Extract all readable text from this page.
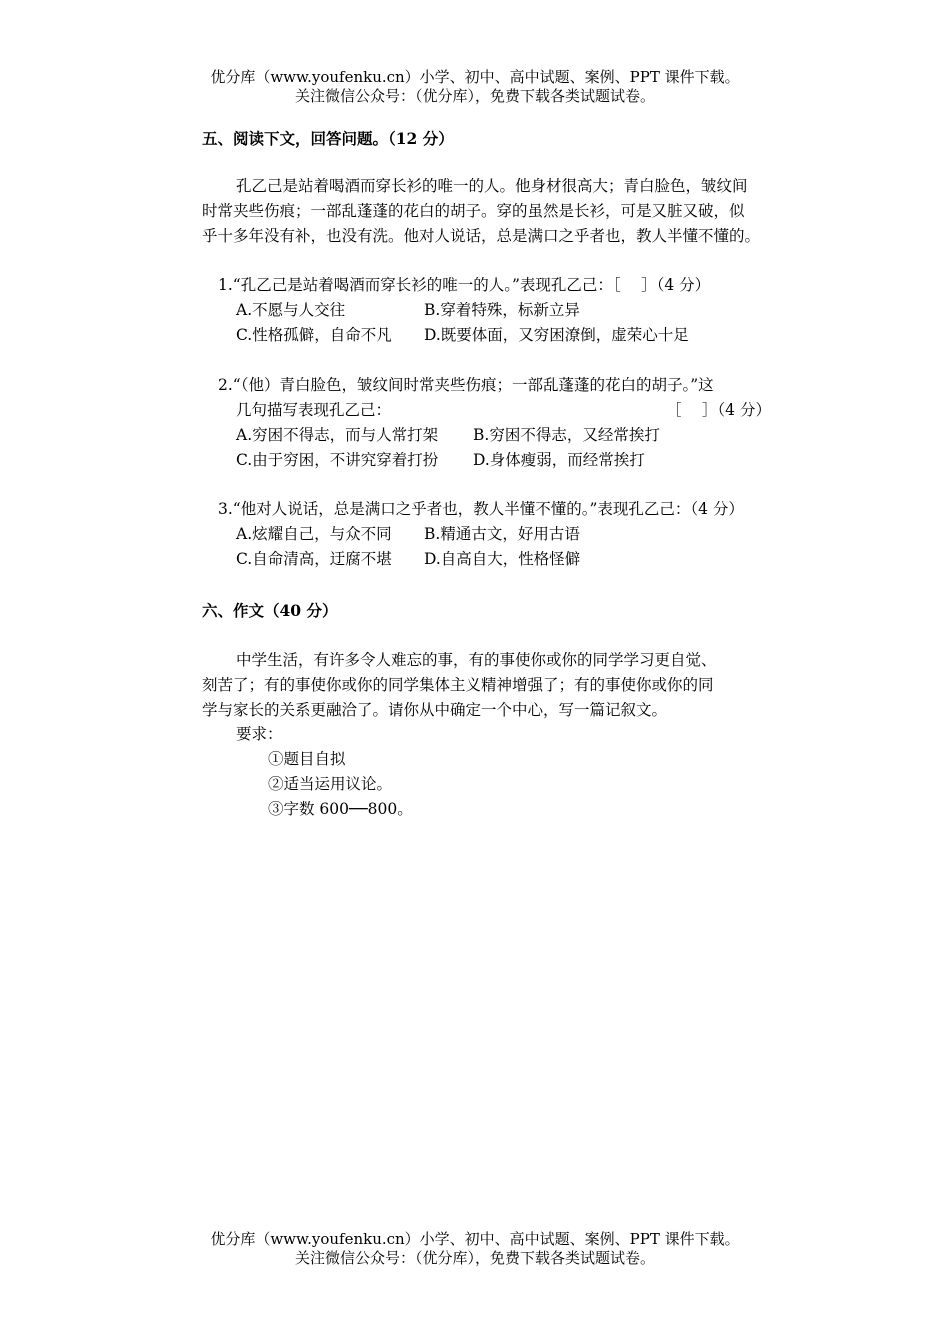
优分库（www.youfenku.cn）小学、初中、高中试题、案例、PPT 课件下载。
关注微信公众号：（优分库），免费下载各类试题试卷。
五、阅读下文，回答问题。（12 分）
孔乙己是站着喝酒而穿长衫的唯一的人。他身材很高大；青白脸色，皱纹间
时常夹些伤痕；一部乱蓬蓬的花白的胡子。穿的虽然是长衫，可是又脏又破，似
乎十多年没有补，也没有洗。他对人说话，总是满口之乎者也，教人半懂不懂的。
1.“孔乙己是站着喝酒而穿长衫的唯一的人。”表现孔乙己：［　 ］（4 分）
A.不愿与人交往	B.穿着特殊，标新立异
C.性格孤僻，自命不凡 D.既要体面，又穷困潦倒，虚荣心十足
2.“（他）青白脸色，皱纹间时常夹些伤痕；一部乱蓬蓬的花白的胡子。”这
几句描写表现孔乙己：	［　 ］（4 分）
A.穷困不得志，而与人常打架 B.穷困不得志，又经常挨打
C.由于穷困，不讲究穿着打扮 D.身体瘦弱，而经常挨打
3.“他对人说话，总是满口之乎者也，教人半懂不懂的。”表现孔乙己：（4 分）
A.炫耀自己，与众不同 B.精通古文，好用古语
C.自命清高，迂腐不堪 D.自高自大，性格怪僻
六、作文（40 分）
中学生活，有许多令人难忘的事，有的事使你或你的同学学习更自觉、
刻苦了；有的事使你或你的同学集体主义精神增强了；有的事使你或你的同
学与家长的关系更融洽了。请你从中确定一个中心，写一篇记叙文。
要求：
①题目自拟
②适当运用议论。
③字数 600──800。
优分库（www.youfenku.cn）小学、初中、高中试题、案例、PPT 课件下载。
关注微信公众号：（优分库），免费下载各类试题试卷。
